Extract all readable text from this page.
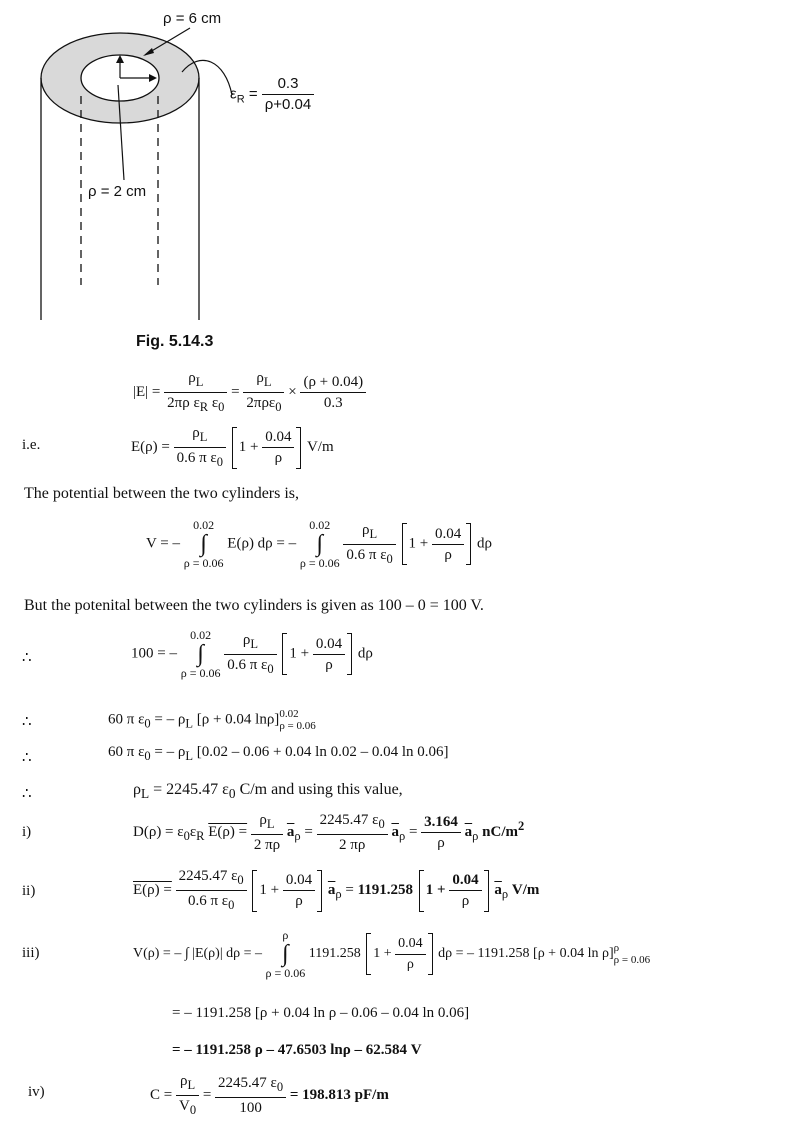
ρ = 6 cm
ρ = 2 cm
$\varepsilon_R = \frac{0.3}{\rho+0.04}$
Fig. 5.14.3
$|E| = \frac{\rho_L}{2\pi\rho \varepsilon_R \varepsilon_0} = \frac{\rho_L}{2\pi\rho\varepsilon_0} \times \frac{(\rho + 0.04)}{0.3}$
i.e.	$E(\rho) = \frac{\rho_L}{0.6 \pi \varepsilon_0} 1 + \frac{0.04}{\rho} V/m$
The potential between the two cylinders is,
V = – 0.02
∫
ρ = 0.06 E(ρ) dρ = – 0.02
∫
$\rho = 0.06 \frac{\rho_L}{0.6 \pi \varepsilon_0} 1 + \frac{0.04}{\rho}$ dρ
But the potenital between the two cylinders is given as 100 – 0 = 100 V.
∴	100 = – 0.02
∫
$\rho = 0.06 \frac{\rho_L}{0.6 \pi \varepsilon_0} 1 + \frac{0.04}{\rho}$ dρ
∴	60 π $\varepsilon_0$ = – $\rho_L$ [ρ + 0.04 lnρ] 0.02
ρ = 0.06
∴	60 π $\varepsilon_0$ = – $\rho_L$ [0.02 – 0.06 + 0.04 ln 0.02 – 0.04 ln 0.06]
∴	$\rho_L = 2245.47$ $\varepsilon_0$ C/m and using this value,
i)	$D(\rho) = \varepsilon_0\varepsilon_R$ $E(\rho) = \frac{\rho_L}{2 \pi\rho} \overline{a}_\rho = \frac{2245.47 \varepsilon_0}{2 \pi\rho} \overline{a}_\rho = \frac{3.164}{\rho} \overline{a}_\rho$ $nC/m^2$
ii)	$E(\rho) = \frac{2245.47 \varepsilon_0}{0.6 \pi \varepsilon_0} 1 + \frac{0.04}{\rho} \overline{a}_\rho = 1191.258$ $1 + \frac{0.04}{\rho} \overline{a}_\rho$ V/m
iii)	V(ρ) = – ∫ |E(ρ)| dρ = – ρ
∫
ρ = 0.06 1191.258 $1 + \frac{0.04}{\rho}$ dρ = – 1191.258 [ρ + 0.04 ln ρ] ρ
ρ = 0.06
= – 1191.258 [ρ + 0.04 ln ρ – 0.06 – 0.04 ln 0.06]
= – 1191.258 ρ – 47.6503 lnρ – 62.584 V
iv)	$C = \frac{\rho_L}{V_0} = \frac{2245.47 \varepsilon_0}{100} = 198.813$ pF/m
